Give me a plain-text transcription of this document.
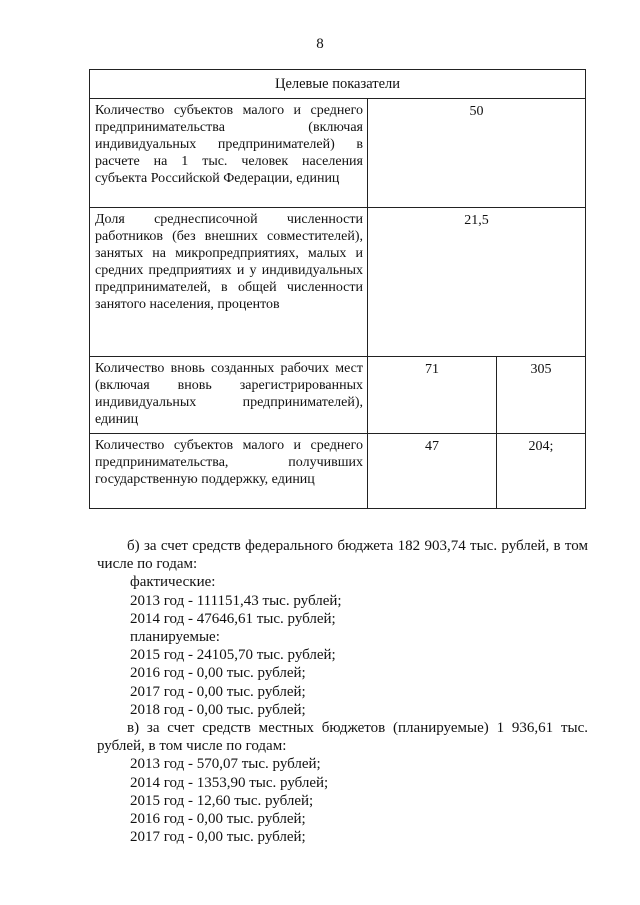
8
Целевые показатели		
Количество субъектов малого и среднего предпринимательства (включая индивидуальных предпринимателей) в расчете на 1 тыс. человек населения субъекта Российской Федерации, единиц	50	
Доля среднесписочной численности работников (без внешних совместителей), занятых на микропредприятиях, малых и средних предприятиях и у индивидуальных предпринимателей, в общей численности занятого населения, процентов	21,5	
Количество вновь созданных рабочих мест (включая вновь зарегистрированных индивидуальных предпринимателей), единиц	71	305
Количество субъектов малого и среднего предпринимательства, получивших государственную поддержку, единиц	47	204;

б) за счет средств федерального бюджета 182 903,74 тыс. рублей, в том числе по годам:

фактические:

2013 год - 111151,43 тыс. рублей;

2014 год - 47646,61 тыс. рублей;

планируемые:

2015 год - 24105,70 тыс. рублей;

2016 год - 0,00 тыс. рублей;

2017 год - 0,00 тыс. рублей;

2018 год - 0,00 тыс. рублей;

в) за счет средств местных бюджетов (планируемые) 1 936,61 тыс. рублей, в том числе по годам:

2013 год - 570,07 тыс. рублей;

2014 год - 1353,90 тыс. рублей;

2015 год - 12,60 тыс. рублей;

2016 год - 0,00 тыс. рублей;

2017 год - 0,00 тыс. рублей;
